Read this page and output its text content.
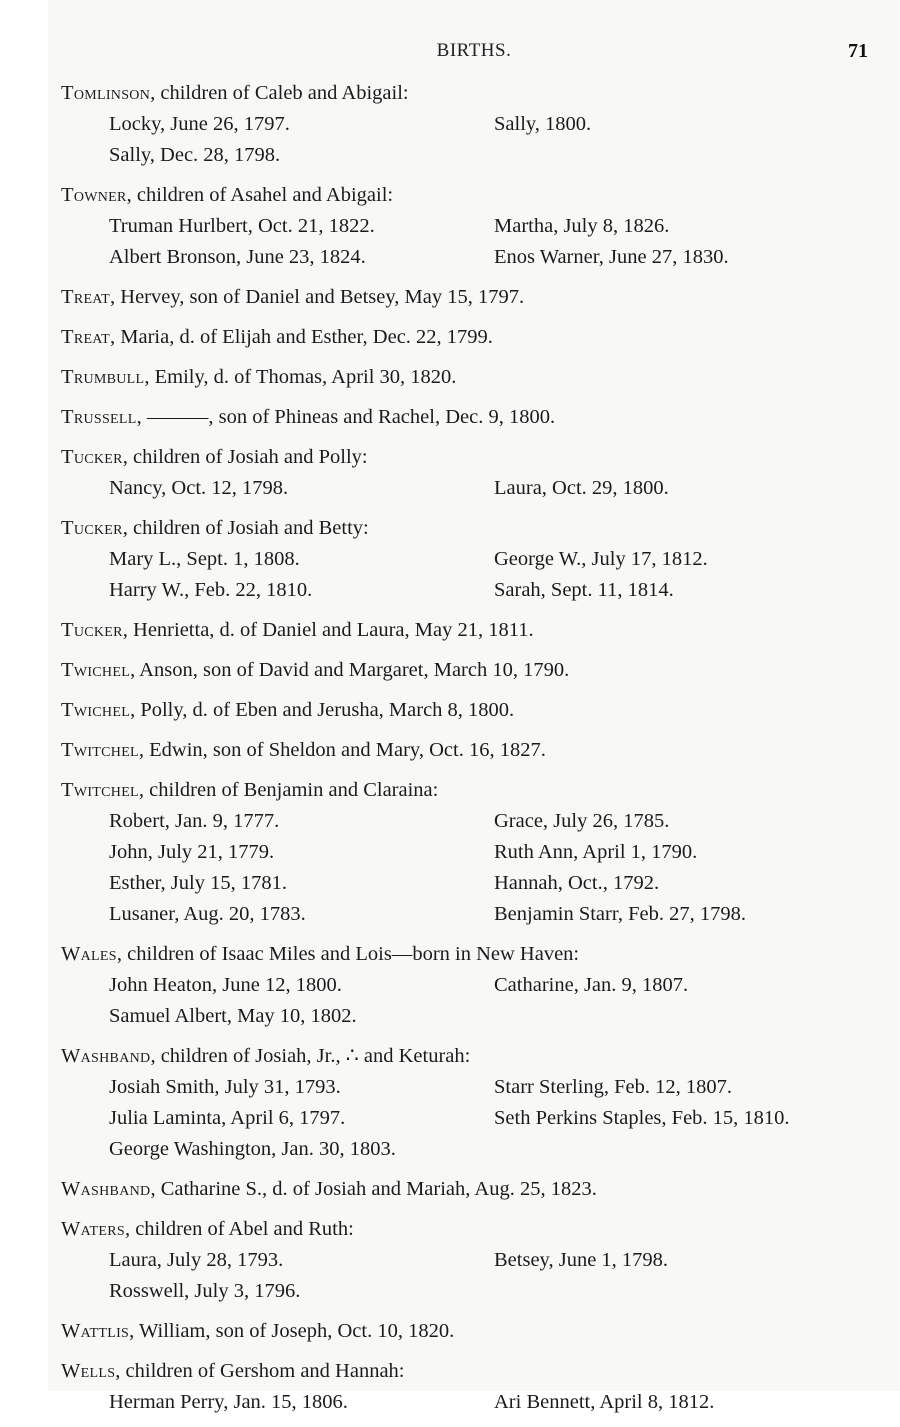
BIRTHS.	71
Tomlinson, children of Caleb and Abigail:
Locky, June 26, 1797.	Sally, 1800.
Sally, Dec. 28, 1798.
Towner, children of Asahel and Abigail:
Truman Hurlbert, Oct. 21, 1822.	Martha, July 8, 1826.
Albert Bronson, June 23, 1824.	Enos Warner, June 27, 1830.
Treat, Hervey, son of Daniel and Betsey, May 15, 1797.
Treat, Maria, d. of Elijah and Esther, Dec. 22, 1799.
Trumbull, Emily, d. of Thomas, April 30, 1820.
Trussell, ———, son of Phineas and Rachel, Dec. 9, 1800.
Tucker, children of Josiah and Polly:
Nancy, Oct. 12, 1798.	Laura, Oct. 29, 1800.
Tucker, children of Josiah and Betty:
Mary L., Sept. 1, 1808.	George W., July 17, 1812.
Harry W., Feb. 22, 1810.	Sarah, Sept. 11, 1814.
Tucker, Henrietta, d. of Daniel and Laura, May 21, 1811.
Twichel, Anson, son of David and Margaret, March 10, 1790.
Twichel, Polly, d. of Eben and Jerusha, March 8, 1800.
Twitchel, Edwin, son of Sheldon and Mary, Oct. 16, 1827.
Twitchel, children of Benjamin and Claraina:
Robert, Jan. 9, 1777.	Grace, July 26, 1785.
John, July 21, 1779.	Ruth Ann, April 1, 1790.
Esther, July 15, 1781.	Hannah, Oct., 1792.
Lusaner, Aug. 20, 1783.	Benjamin Starr, Feb. 27, 1798.
Wales, children of Isaac Miles and Lois—born in New Haven:
John Heaton, June 12, 1800.	Catharine, Jan. 9, 1807.
Samuel Albert, May 10, 1802.
Washband, children of Josiah, Jr., ∴ and Keturah:
Josiah Smith, July 31, 1793.	Starr Sterling, Feb. 12, 1807.
Julia Laminta, April 6, 1797.	Seth Perkins Staples, Feb. 15, 1810.
George Washington, Jan. 30, 1803.
Washband, Catharine S., d. of Josiah and Mariah, Aug. 25, 1823.
Waters, children of Abel and Ruth:
Laura, July 28, 1793.	Betsey, June 1, 1798.
Rosswell, July 3, 1796.
Wattlis, William, son of Joseph, Oct. 10, 1820.
Wells, children of Gershom and Hannah:
Herman Perry, Jan. 15, 1806.	Ari Bennett, April 8, 1812.
